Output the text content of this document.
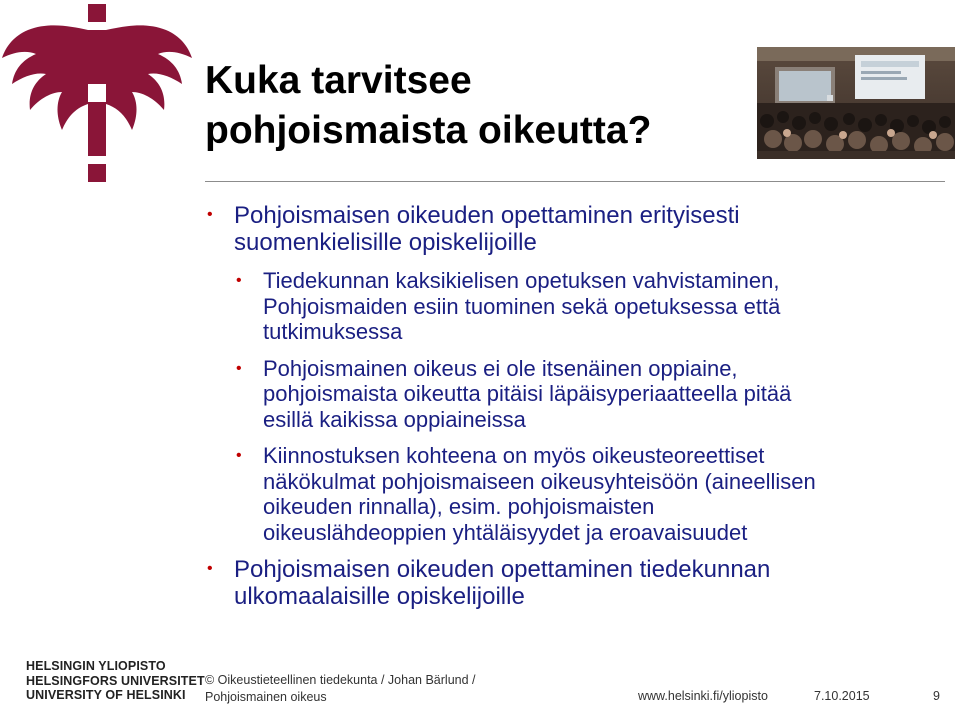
Kuka tarvitsee
pohjoismaista oikeutta?
• Pohjoismaisen oikeuden opettaminen erityisesti
suomenkielisille opiskelijoille
• Tiedekunnan kaksikielisen opetuksen vahvistaminen,
Pohjoismaiden esiin tuominen sekä opetuksessa että
tutkimuksessa
• Pohjoismainen oikeus ei ole itsenäinen oppiaine,
pohjoismaista oikeutta pitäisi läpäisyperiaatteella pitää
esillä kaikissa oppiaineissa
• Kiinnostuksen kohteena on myös oikeusteoreettiset
näkökulmat pohjoismaiseen oikeusyhteisöön (aineellisen
oikeuden rinnalla), esim. pohjoismaisten
oikeuslähdeoppien yhtäläisyydet ja eroavaisuudet
• Pohjoismaisen oikeuden opettaminen tiedekunnan
ulkomaalaisille opiskelijoille
HELSINGIN YLIOPISTO
HELSINGFORS UNIVERSITET
UNIVERSITY OF HELSINKI
© Oikeustieteellinen tiedekunta / Johan Bärlund /
Pohjoismainen oikeus	www.helsinki.fi/yliopisto	7.10.2015	9
